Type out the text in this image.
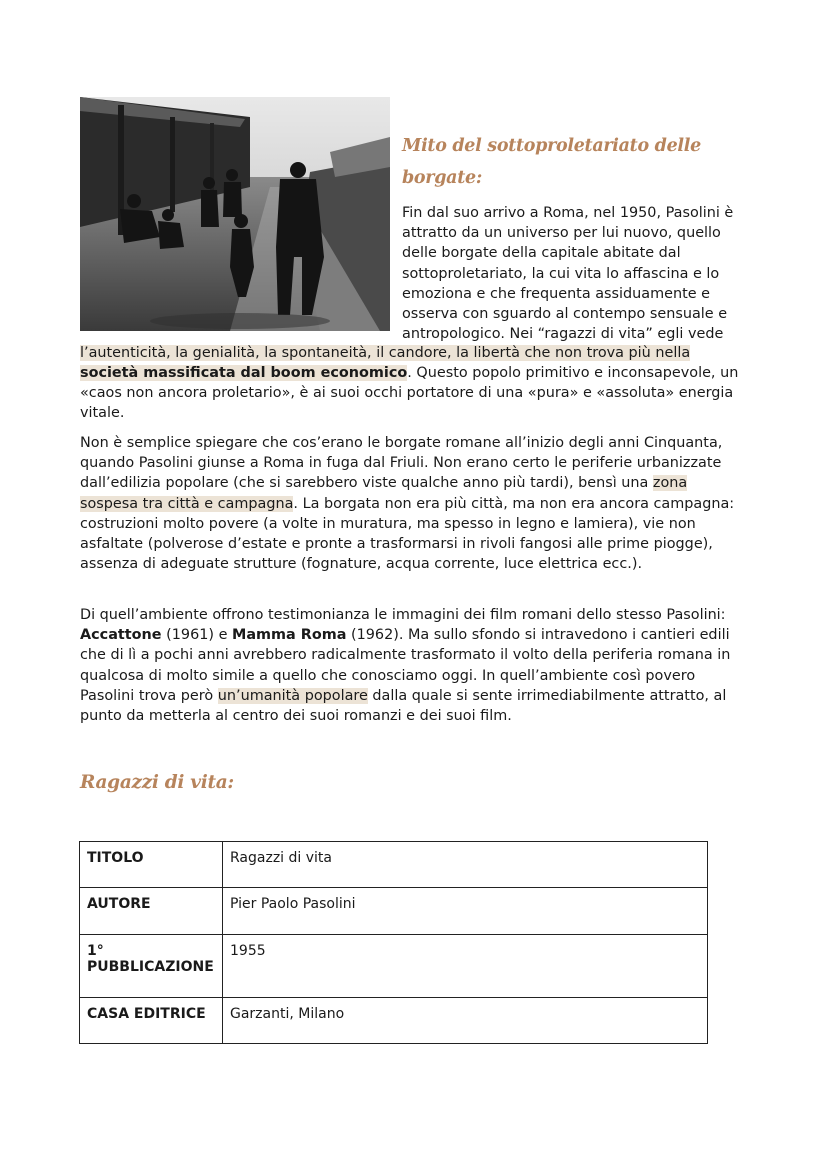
Mito del sottoproletariato delle
borgate:
Fin dal suo arrivo a Roma, nel 1950, Pasolini è attratto da un universo per lui nuovo, quello delle borgate della capitale abitate dal sottoproletariato, la cui vita lo affascina e lo emoziona e che frequenta assiduamente e osserva con sguardo al contempo sensuale e antropologico. Nei “ragazzi di vita” egli vede
l’autenticità, la genialità, la spontaneità, il candore, la libertà che non trova più nella
società massificata dal boom economico. Questo popolo primitivo e inconsapevole, un
«caos non ancora proletario», è ai suoi occhi portatore di una «pura» e «assoluta» energia
vitale.
Non è semplice spiegare che cos’erano le borgate romane all’inizio degli anni Cinquanta, quando Pasolini giunse a Roma in fuga dal Friuli. Non erano certo le periferie urbanizzate dall’edilizia popolare (che si sarebbero viste qualche anno più tardi), bensì una zona sospesa tra città e campagna. La borgata non era più città, ma non era ancora campagna: costruzioni molto povere (a volte in muratura, ma spesso in legno e lamiera), vie non asfaltate (polverose d’estate e pronte a trasformarsi in rivoli fangosi alle prime piogge), assenza di adeguate strutture (fognature, acqua corrente, luce elettrica ecc.).
Di quell’ambiente offrono testimonianza le immagini dei film romani dello stesso Pasolini: Accattone (1961) e Mamma Roma (1962). Ma sullo sfondo si intravedono i cantieri edili che di lì a pochi anni avrebbero radicalmente trasformato il volto della periferia romana in qualcosa di molto simile a quello che conosciamo oggi. In quell’ambiente così povero Pasolini trova però un’umanità popolare dalla quale si sente irrimediabilmente attratto, al punto da metterla al centro dei suoi romanzi e dei suoi film.
Ragazzi di vita:
TITOLO	Ragazzi di vita
AUTORE	Pier Paolo Pasolini
1° PUBBLICAZIONE	1955
CASA EDITRICE	Garzanti, Milano
